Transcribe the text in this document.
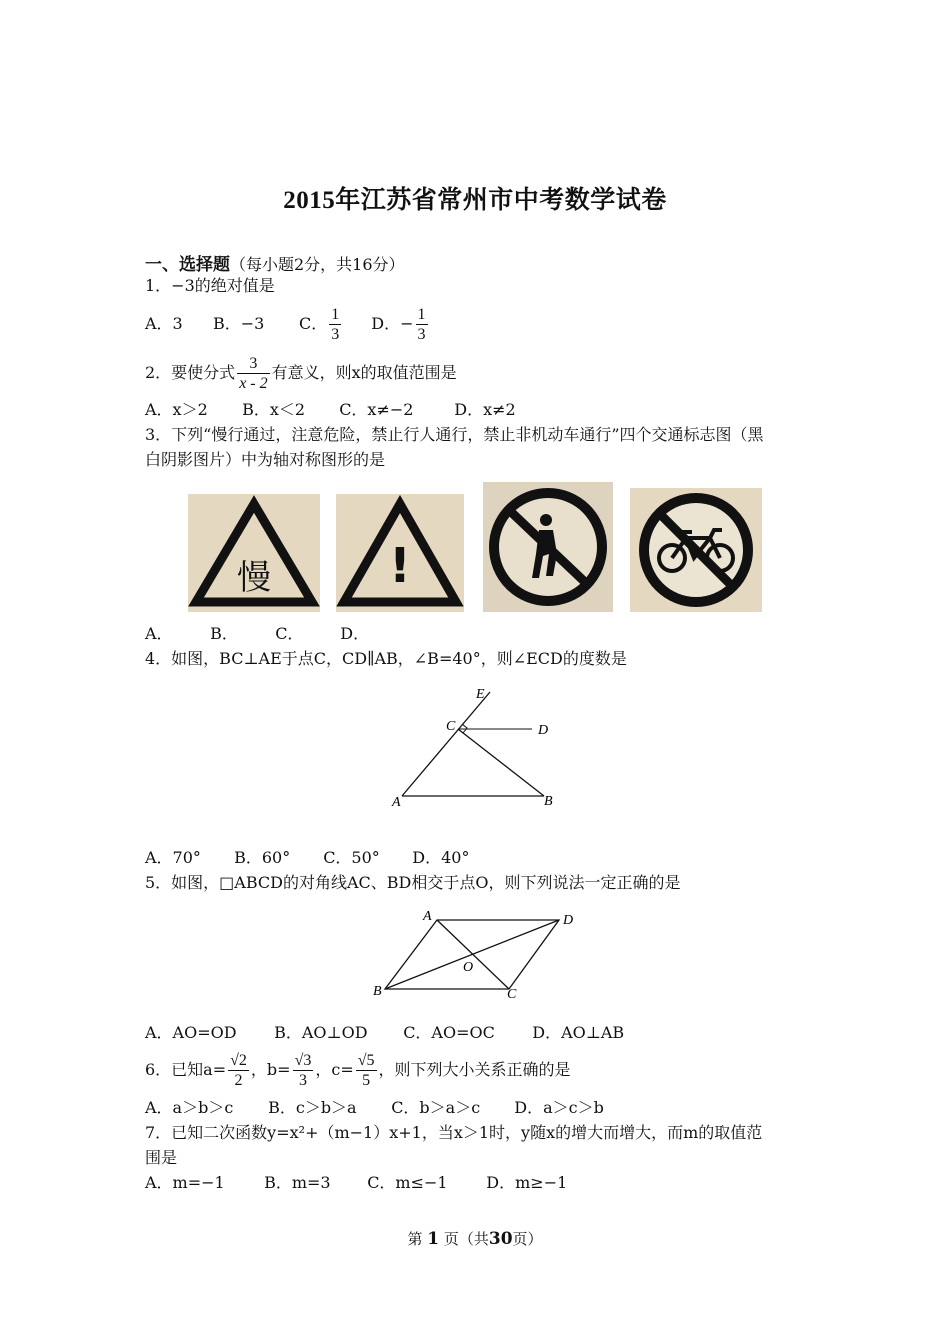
2015年江苏省常州市中考数学试卷
一、选择题（每小题2分，共16分）
1．−3的绝对值是
A．3	B．−3	C． $\frac{1}{3}$ D．− $\frac{1}{3}$
2．要使分式 $\frac{3}{x - 2}$ 有意义，则x的取值范围是
A．x＞2 B．x＜2 C．x≠−2	D．x≠2
3．下列“慢行通过，注意危险，禁止行人通行，禁止非机动车通行”四个交通标志图（黑
白阴影图片）中为轴对称图形的是
慢	!
A． B． C． D．
4．如图，BC⊥AE于点C，CD∥AB，∠B=40°，则∠ECD的度数是
E
C	D
A	B
A．70° B．60° C．50° D．40°
5．如图，□ABCD的对角线AC、BD相交于点O，则下列说法一定正确的是
A	D
O
B	C
A．AO=OD B．AO⊥OD C．AO=OC D．AO⊥AB
6．已知$a= \frac{√2}{2}$ ，$b= \frac{√3}{3}$ ，$c= \frac{√5}{5}$ ，则下列大小关系正确的是
A．a＞b＞c B．c＞b＞a C．b＞a＞c D．a＞c＞b
7．已知二次函数y=x²+（m−1）x+1，当x＞1时，y随x的增大而增大，而m的取值范
围是
A．m=−1 B．m=3 C．m≤−1 D．m≥−1
第 1 页（共30页）
